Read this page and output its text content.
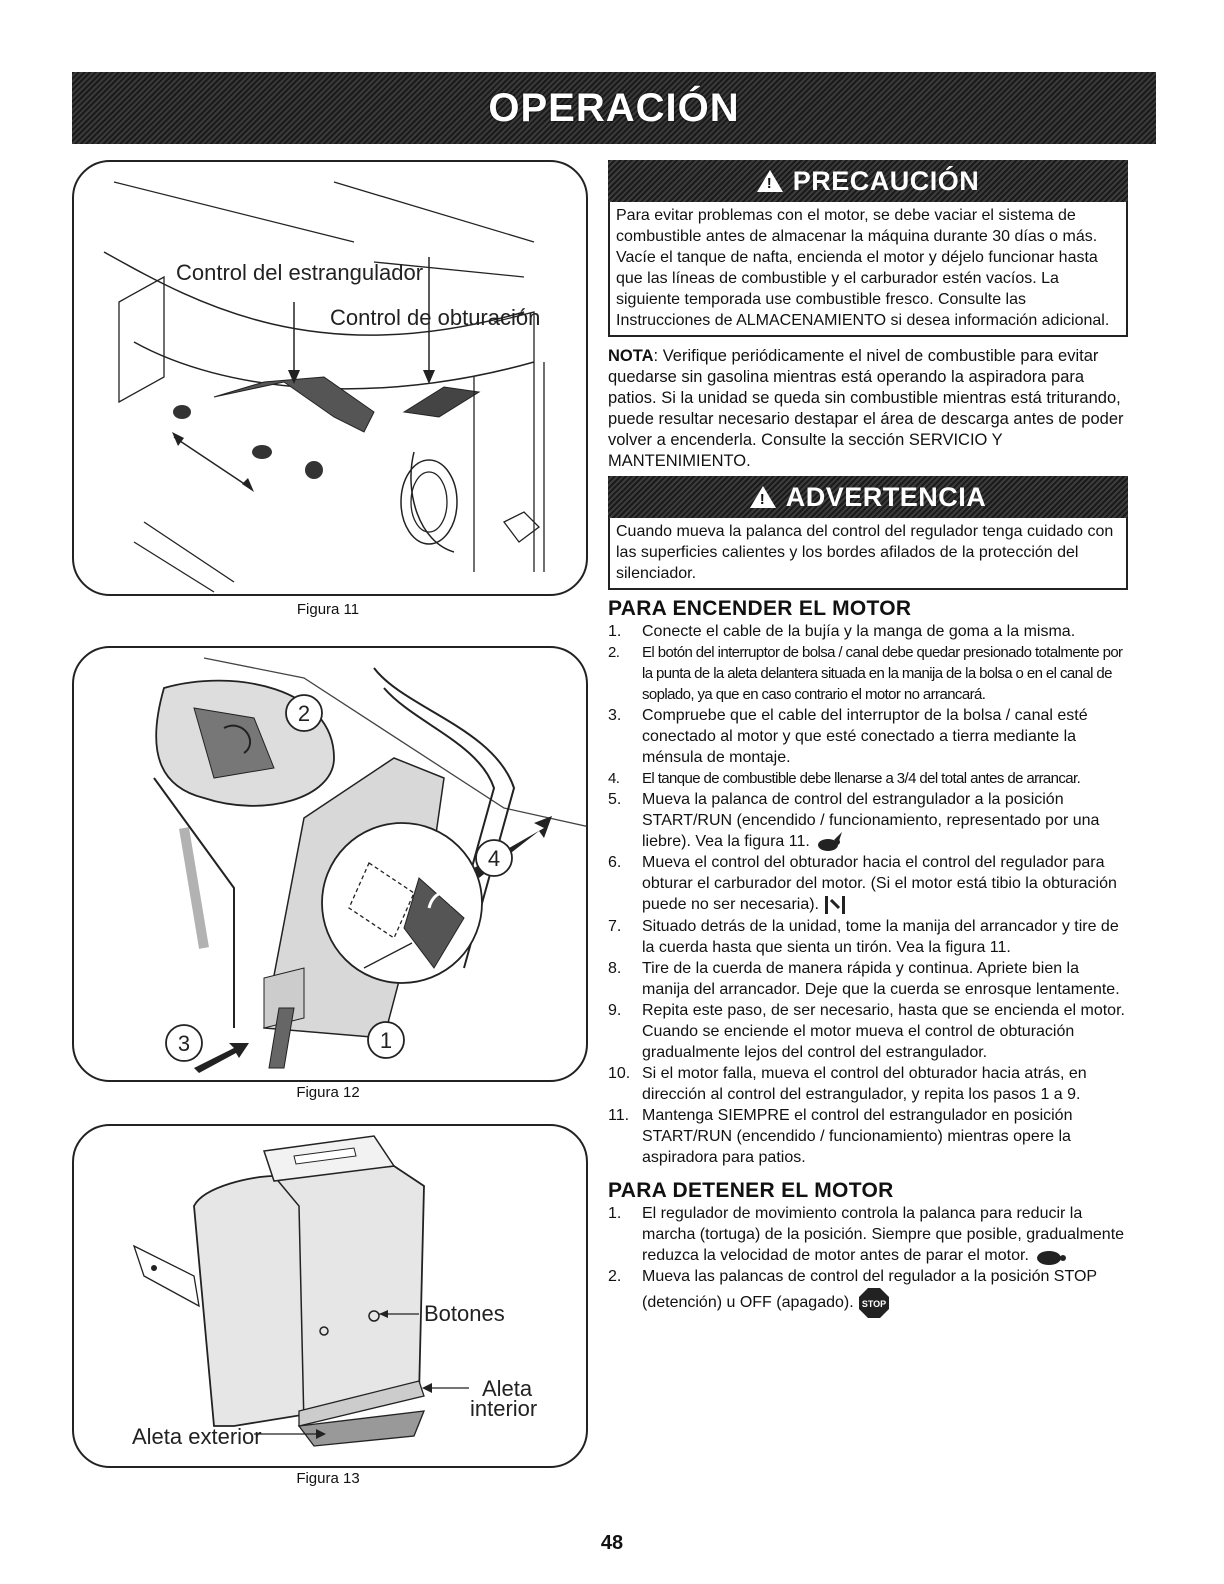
OPERACIÓN
Control del estrangulador
Control de obturación
Figura 11
2
4
3	1
Figura 12
Botones
Aleta
interior
Aleta exterior
Figura 13
!
PRECAUCIÓN
Para evitar problemas con el motor, se debe vaciar el sistema de combustible antes de almacenar la máquina durante 30 días o más. Vacíe el tanque de nafta, encienda el motor y déjelo funcionar hasta que las líneas de combustible y el carburador estén vacíos. La siguiente temporada use combustible fresco. Consulte las Instrucciones de ALMACENAMIENTO si desea información adicional.

NOTA: Verifique periódicamente el nivel de combustible para evitar quedarse sin gasolina mientras está operando la aspiradora para patios. Si la unidad se queda sin combustible mientras está triturando, puede resultar necesario destapar el área de descarga antes de poder volver a encenderla. Consulte la sección SERVICIO Y MANTENIMIENTO.

!
ADVERTENCIA
Cuando mueva la palanca del control del regulador tenga cuidado con las superficies calientes y los bordes afilados de la protección del silenciador.
PARA ENCENDER EL MOTOR
1. Conecte el cable de la bujía y la manga de goma a la misma.
2. El botón del interruptor de bolsa / canal debe quedar presionado totalmente por la punta de la aleta delantera situada en la manija de la bolsa o en el canal de soplado, ya que en caso contrario el motor no arrancará.
3. Compruebe que el cable del interruptor de la bolsa / canal esté conectado al motor y que esté conectado a tierra mediante la ménsula de montaje.
4. El tanque de combustible debe llenarse a 3/4 del total antes de arrancar.
5. Mueva la palanca de control del estrangulador a la posición START/RUN (encendido / funcionamiento, representado por una liebre). Vea la figura 11.
6. Mueva el control del obturador hacia el control del regulador para obturar el carburador del motor. (Si el motor está tibio la obturación puede no ser necesaria).
7. Situado detrás de la unidad, tome la manija del arrancador y tire de la cuerda hasta que sienta un tirón. Vea la figura 11.
8. Tire de la cuerda de manera rápida y continua. Apriete bien la manija del arrancador. Deje que la cuerda se enrosque lentamente.
9. Repita este paso, de ser necesario, hasta que se encienda el motor. Cuando se enciende el motor mueva el control de obturación gradualmente lejos del control del estrangulador.
10. Si el motor falla, mueva el control del obturador hacia atrás, en dirección al control del estrangulador, y repita los pasos 1 a 9.
11. Mantenga SIEMPRE el control del estrangulador en posición START/RUN (encendido / funcionamiento) mientras opere la aspiradora para patios.
PARA DETENER EL MOTOR
1. El regulador de movimiento controla la palanca para reducir la marcha (tortuga) de la posición. Siempre que posible, gradualmente reduzca la velocidad de motor antes de parar el motor.
2. Mueva las palancas de control del regulador a la posición STOP (detención) u OFF (apagado). STOP
48
